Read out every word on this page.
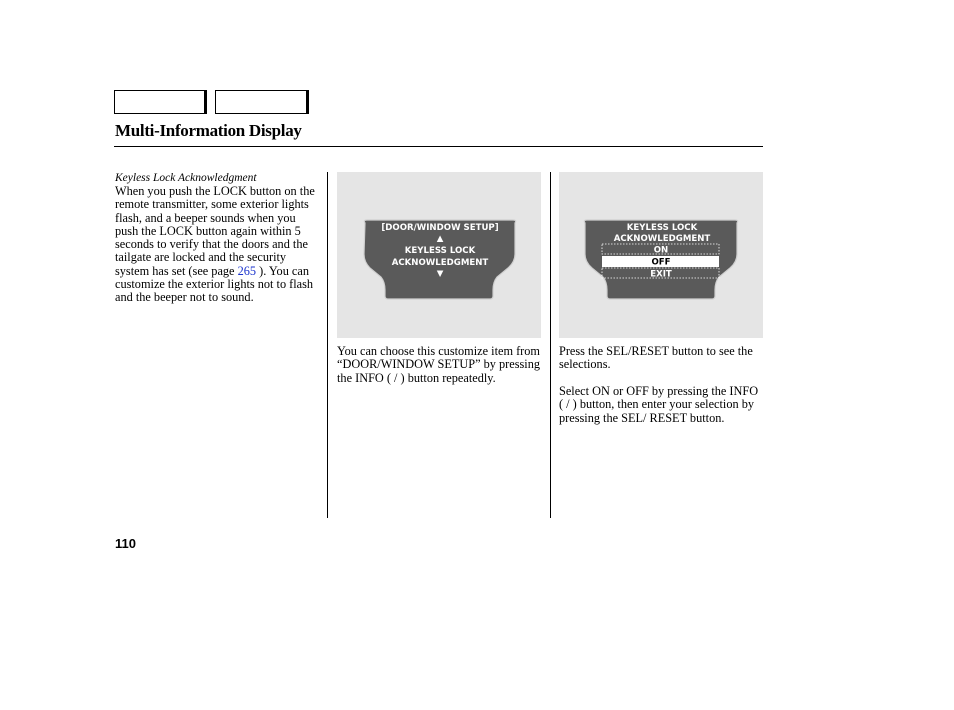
Multi-Information Display
Keyless Lock Acknowledgment
When you push the LOCK button on the remote transmitter, some exterior lights flash, and a beeper sounds when you push the LOCK button again within 5 seconds to verify that the doors and the tailgate are locked and the security system has set (see page 265 ). You can customize the exterior lights not to flash and the beeper not to sound.
[DOOR/WINDOW SETUP]
▲
KEYLESS LOCK
ACKNOWLEDGMENT
▼
KEYLESS LOCK
ACKNOWLEDGMENT
ON
OFF
EXIT
You can choose this customize item from “DOOR/WINDOW SETUP” by pressing the INFO ( / ) button repeatedly.
Press the SEL/RESET button to see the selections.
Select ON or OFF by pressing the INFO ( / ) button, then enter your selection by pressing the SEL/ RESET button.
110
